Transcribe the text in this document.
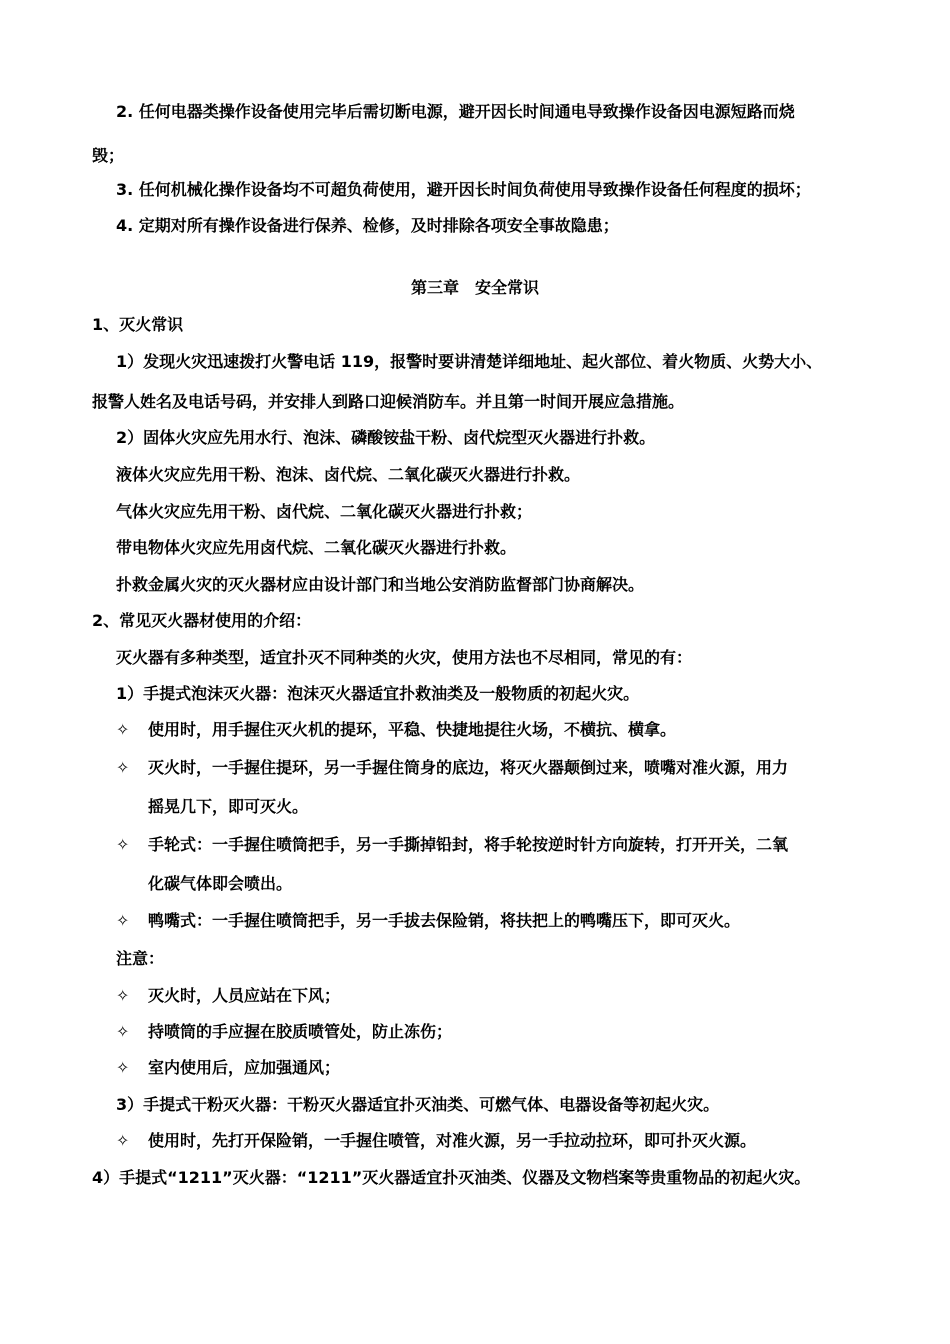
2. 任何电器类操作设备使用完毕后需切断电源，避开因长时间通电导致操作设备因电源短路而烧
毁；
3. 任何机械化操作设备均不可超负荷使用，避开因长时间负荷使用导致操作设备任何程度的损坏；
4. 定期对所有操作设备进行保养、检修，及时排除各项安全事故隐患；
第三章　安全常识
1、灭火常识
1）发现火灾迅速拨打火警电话 119，报警时要讲清楚详细地址、起火部位、着火物质、火势大小、
报警人姓名及电话号码，并安排人到路口迎候消防车。并且第一时间开展应急措施。
2）固体火灾应先用水行、泡沫、磷酸铵盐干粉、卤代烷型灭火器进行扑救。
液体火灾应先用干粉、泡沫、卤代烷、二氧化碳灭火器进行扑救。
气体火灾应先用干粉、卤代烷、二氧化碳灭火器进行扑救；
带电物体火灾应先用卤代烷、二氧化碳灭火器进行扑救。
扑救金属火灾的灭火器材应由设计部门和当地公安消防监督部门协商解决。
2、常见灭火器材使用的介绍：
灭火器有多种类型，适宜扑灭不同种类的火灾，使用方法也不尽相同，常见的有：
1）手提式泡沫灭火器：泡沫灭火器适宜扑救油类及一般物质的初起火灾。
✧ 使用时，用手握住灭火机的提环，平稳、快捷地提往火场，不横抗、横拿。
✧ 灭火时，一手握住提环，另一手握住筒身的底边，将灭火器颠倒过来，喷嘴对准火源，用力
摇晃几下，即可灭火。
✧ 手轮式：一手握住喷筒把手，另一手撕掉铅封，将手轮按逆时针方向旋转，打开开关，二氧
化碳气体即会喷出。
✧ 鸭嘴式：一手握住喷筒把手，另一手拔去保险销，将扶把上的鸭嘴压下，即可灭火。
注意：
✧ 灭火时，人员应站在下风；
✧ 持喷筒的手应握在胶质喷管处，防止冻伤；
✧ 室内使用后，应加强通风；
3）手提式干粉灭火器：干粉灭火器适宜扑灭油类、可燃气体、电器设备等初起火灾。
✧ 使用时，先打开保险销，一手握住喷管，对准火源，另一手拉动拉环，即可扑灭火源。
4）手提式“1211”灭火器：“1211”灭火器适宜扑灭油类、仪器及文物档案等贵重物品的初起火灾。
